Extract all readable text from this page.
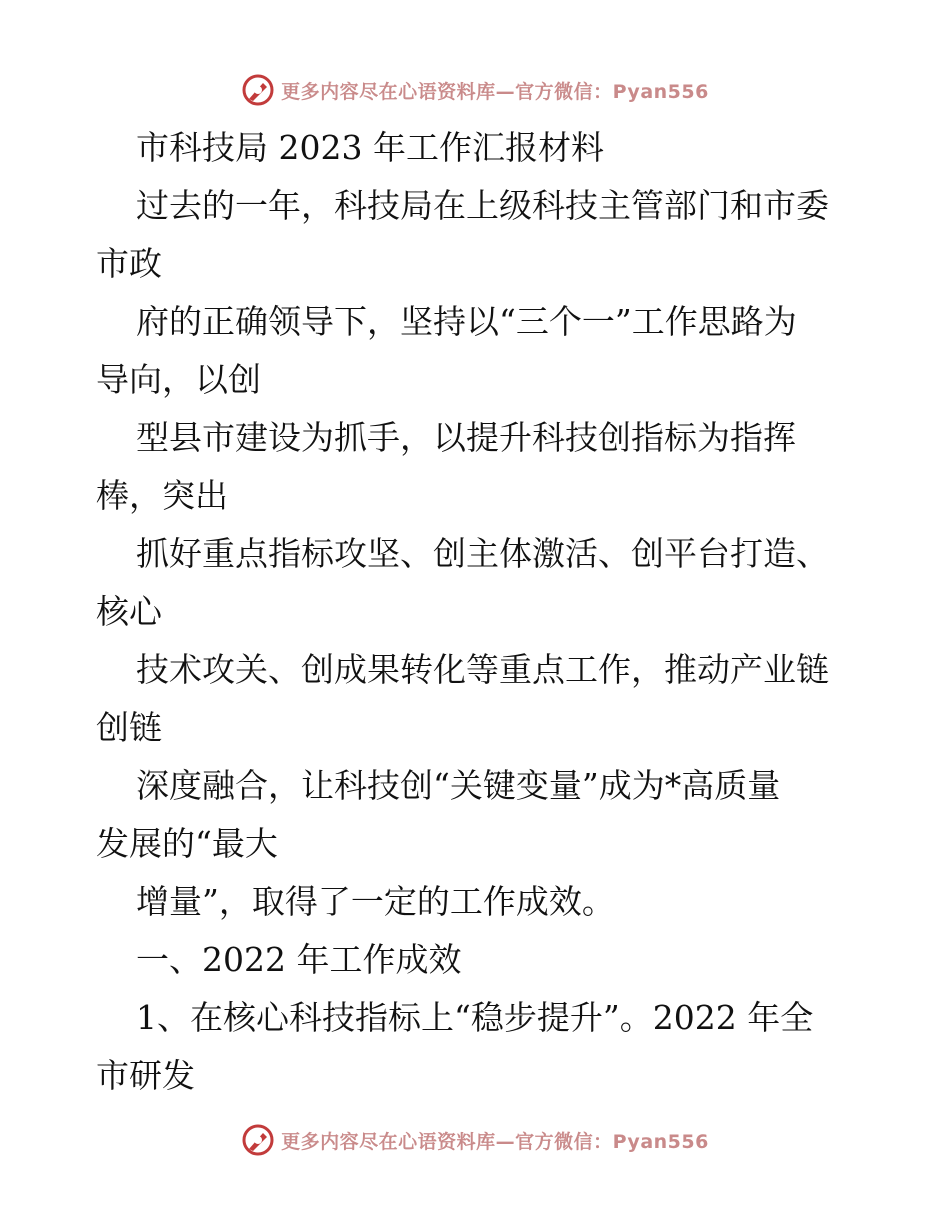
更多内容尽在心语资料库—官方微信：Pyan556
市科技局 2023 年工作汇报材料
过去的一年，科技局在上级科技主管部门和市委
市政
府的正确领导下，坚持以“三个一”工作思路为
导向，以创
型县市建设为抓手，以提升科技创指标为指挥
棒，突出
抓好重点指标攻坚、创主体激活、创平台打造、
核心
技术攻关、创成果转化等重点工作，推动产业链
创链
深度融合，让科技创“关键变量”成为*高质量
发展的“最大
增量”，取得了一定的工作成效。
一、2022 年工作成效
1、在核心科技指标上“稳步提升”。2022 年全
市研发
更多内容尽在心语资料库—官方微信：Pyan556
